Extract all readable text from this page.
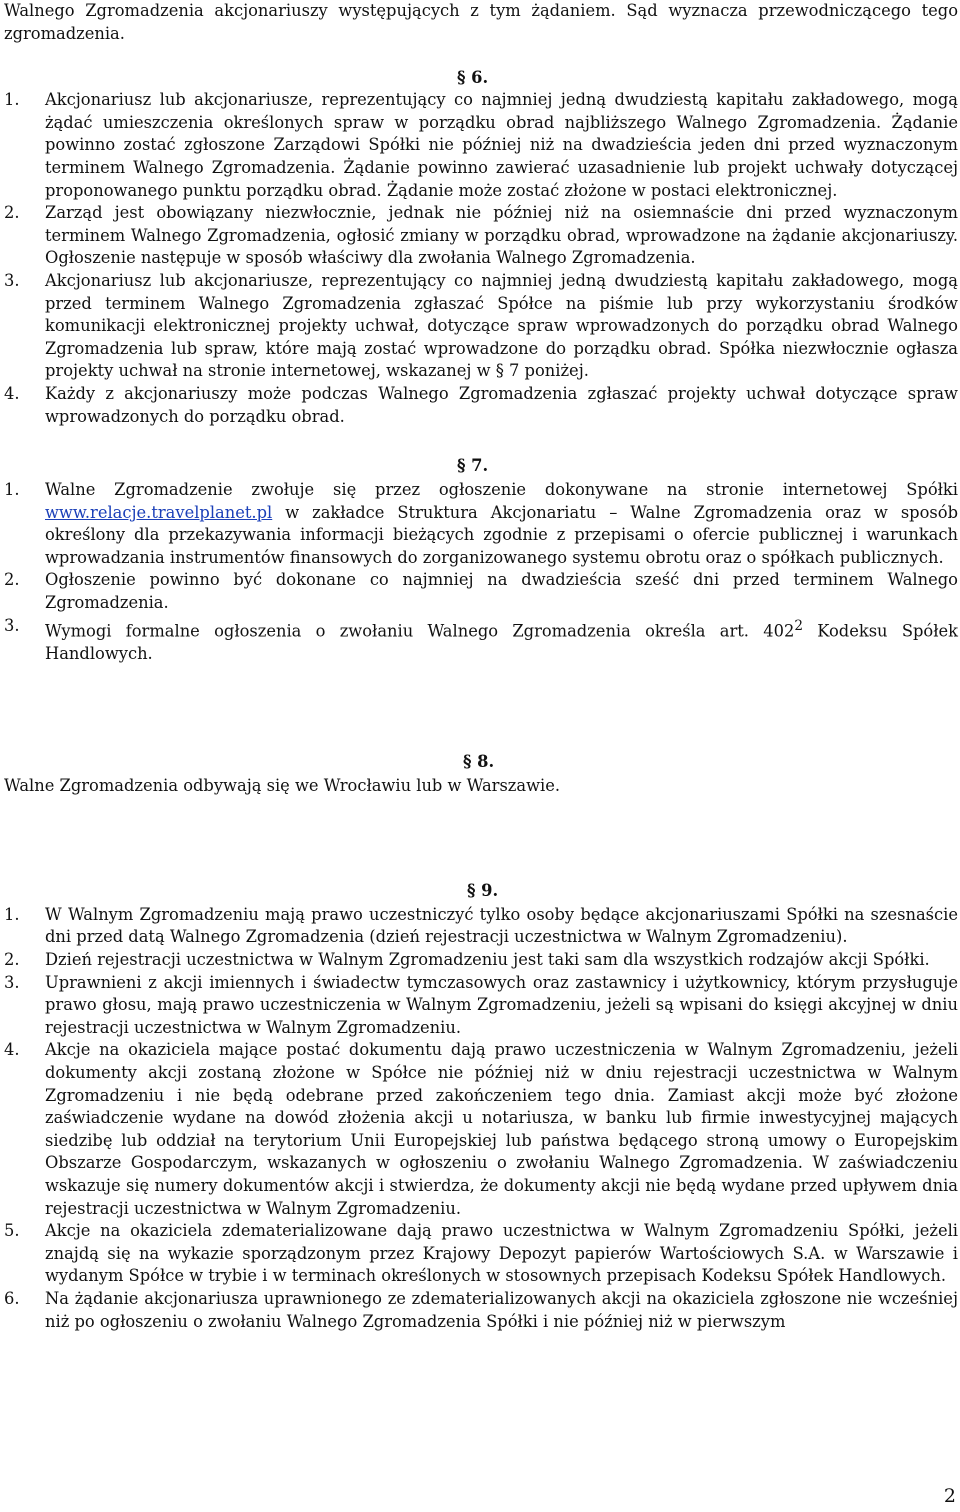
Walnego Zgromadzenia akcjonariuszy występujących z tym żądaniem. Sąd wyznacza przewodniczącego tego zgromadzenia.

§ 6.
1. Akcjonariusz lub akcjonariusze, reprezentujący co najmniej jedną dwudziestą kapitału zakładowego, mogą żądać umieszczenia określonych spraw w porządku obrad najbliższego Walnego Zgromadzenia. Żądanie powinno zostać zgłoszone Zarządowi Spółki nie później niż na dwadzieścia jeden dni przed wyznaczonym terminem Walnego Zgromadzenia. Żądanie powinno zawierać uzasadnienie lub projekt uchwały dotyczącej proponowanego punktu porządku obrad. Żądanie może zostać złożone w postaci elektronicznej.
2. Zarząd jest obowiązany niezwłocznie, jednak nie później niż na osiemnaście dni przed wyznaczonym terminem Walnego Zgromadzenia, ogłosić zmiany w porządku obrad, wprowadzone na żądanie akcjonariuszy. Ogłoszenie następuje w sposób właściwy dla zwołania Walnego Zgromadzenia.
3. Akcjonariusz lub akcjonariusze, reprezentujący co najmniej jedną dwudziestą kapitału zakładowego, mogą przed terminem Walnego Zgromadzenia zgłaszać Spółce na piśmie lub przy wykorzystaniu środków komunikacji elektronicznej projekty uchwał, dotyczące spraw wprowadzonych do porządku obrad Walnego Zgromadzenia lub spraw, które mają zostać wprowadzone do porządku obrad. Spółka niezwłocznie ogłasza projekty uchwał na stronie internetowej, wskazanej w § 7 poniżej.
4. Każdy z akcjonariuszy może podczas Walnego Zgromadzenia zgłaszać projekty uchwał dotyczące spraw wprowadzonych do porządku obrad.
§ 7.
1. Walne Zgromadzenie zwołuje się przez ogłoszenie dokonywane na stronie internetowej Spółki www.relacje.travelplanet.pl w zakładce Struktura Akcjonariatu – Walne Zgromadzenia oraz w sposób określony dla przekazywania informacji bieżących zgodnie z przepisami o ofercie publicznej i warunkach wprowadzania instrumentów finansowych do zorganizowanego systemu obrotu oraz o spółkach publicznych.
2. Ogłoszenie powinno być dokonane co najmniej na dwadzieścia sześć dni przed terminem Walnego Zgromadzenia.
3. Wymogi formalne ogłoszenia o zwołaniu Walnego Zgromadzenia określa art. $402^2$ Kodeksu Spółek Handlowych.
§ 8.

Walne Zgromadzenia odbywają się we Wrocławiu lub w Warszawie.

§ 9.
1. W Walnym Zgromadzeniu mają prawo uczestniczyć tylko osoby będące akcjonariuszami Spółki na szesnaście dni przed datą Walnego Zgromadzenia (dzień rejestracji uczestnictwa w Walnym Zgromadzeniu).
2. Dzień rejestracji uczestnictwa w Walnym Zgromadzeniu jest taki sam dla wszystkich rodzajów akcji Spółki.
3. Uprawnieni z akcji imiennych i świadectw tymczasowych oraz zastawnicy i użytkownicy, którym przysługuje prawo głosu, mają prawo uczestniczenia w Walnym Zgromadzeniu, jeżeli są wpisani do księgi akcyjnej w dniu rejestracji uczestnictwa w Walnym Zgromadzeniu.
4. Akcje na okaziciela mające postać dokumentu dają prawo uczestniczenia w Walnym Zgromadzeniu, jeżeli dokumenty akcji zostaną złożone w Spółce nie później niż w dniu rejestracji uczestnictwa w Walnym Zgromadzeniu i nie będą odebrane przed zakończeniem tego dnia. Zamiast akcji może być złożone zaświadczenie wydane na dowód złożenia akcji u notariusza, w banku lub firmie inwestycyjnej mających siedzibę lub oddział na terytorium Unii Europejskiej lub państwa będącego stroną umowy o Europejskim Obszarze Gospodarczym, wskazanych w ogłoszeniu o zwołaniu Walnego Zgromadzenia. W zaświadczeniu wskazuje się numery dokumentów akcji i stwierdza, że dokumenty akcji nie będą wydane przed upływem dnia rejestracji uczestnictwa w Walnym Zgromadzeniu.
5. Akcje na okaziciela zdematerializowane dają prawo uczestnictwa w Walnym Zgromadzeniu Spółki, jeżeli znajdą się na wykazie sporządzonym przez Krajowy Depozyt papierów Wartościowych S.A. w Warszawie i wydanym Spółce w trybie i w terminach określonych w stosownych przepisach Kodeksu Spółek Handlowych.
6. Na żądanie akcjonariusza uprawnionego ze zdematerializowanych akcji na okaziciela zgłoszone nie wcześniej niż po ogłoszeniu o zwołaniu Walnego Zgromadzenia Spółki i nie później niż w pierwszym
2
